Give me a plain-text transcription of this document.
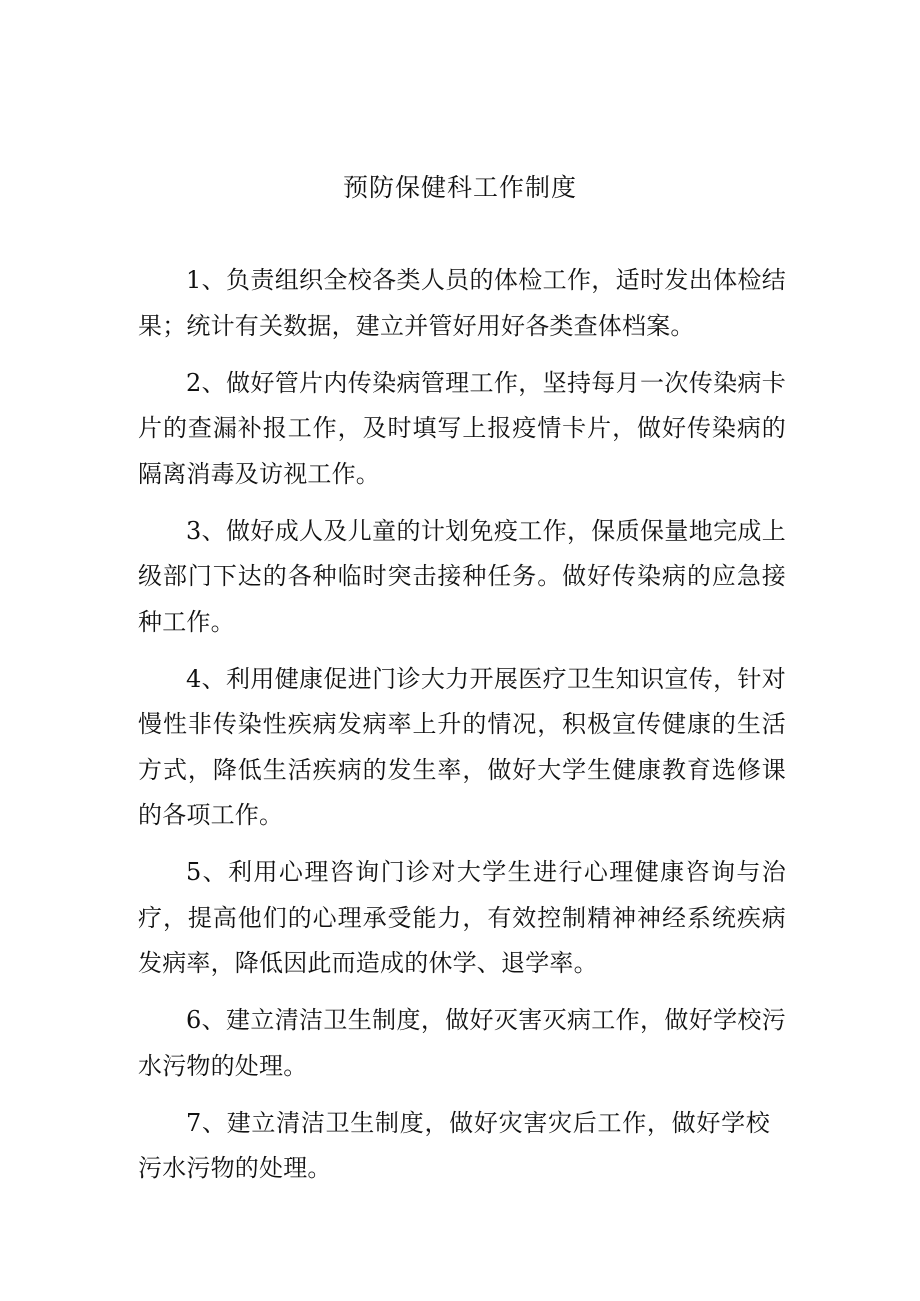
预防保健科工作制度

1、负责组织全校各类人员的体检工作，适时发出体检结果；统计有关数据，建立并管好用好各类查体档案。

2、做好管片内传染病管理工作，坚持每月一次传染病卡片的查漏补报工作，及时填写上报疫情卡片，做好传染病的隔离消毒及访视工作。

3、做好成人及儿童的计划免疫工作，保质保量地完成上级部门下达的各种临时突击接种任务。做好传染病的应急接种工作。

4、利用健康促进门诊大力开展医疗卫生知识宣传，针对慢性非传染性疾病发病率上升的情况，积极宣传健康的生活方式，降低生活疾病的发生率，做好大学生健康教育选修课的各项工作。

5、利用心理咨询门诊对大学生进行心理健康咨询与治疗，提高他们的心理承受能力，有效控制精神神经系统疾病发病率，降低因此而造成的休学、退学率。

6、建立清洁卫生制度，做好灭害灭病工作，做好学校污水污物的处理。

7、建立清洁卫生制度，做好灾害灾后工作，做好学校污水污物的处理。
